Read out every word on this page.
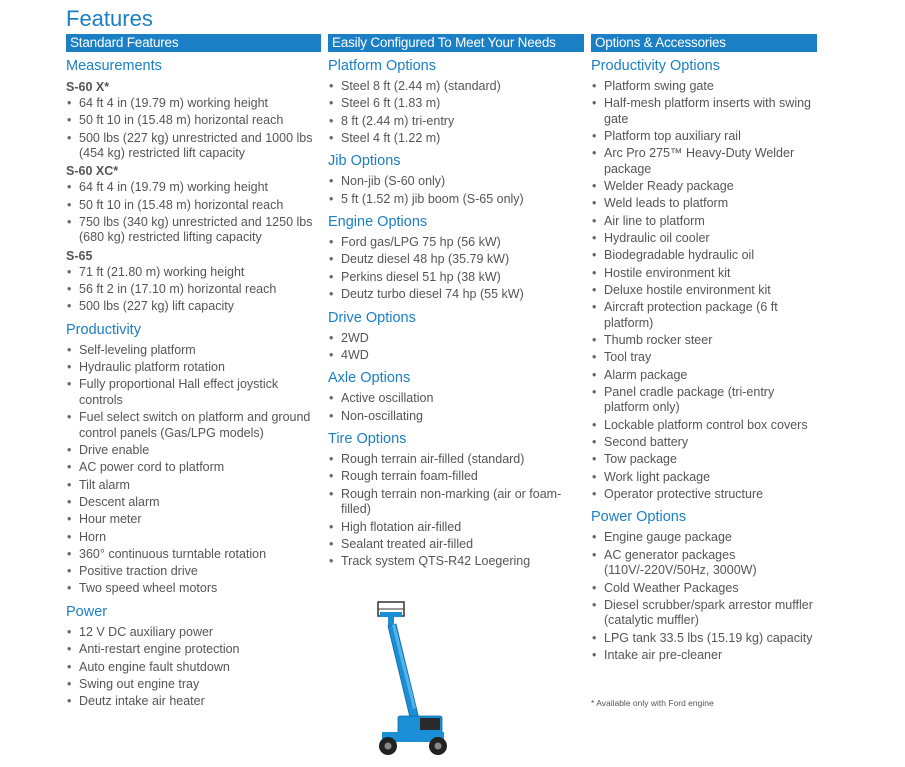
Features
Standard Features
Measurements
S-60 X*
• 64 ft 4 in (19.79 m) working height
• 50 ft 10 in (15.48 m) horizontal reach
• 500 lbs (227 kg) unrestricted and 1000 lbs (454 kg) restricted lift capacity
S-60 XC*
• 64 ft 4 in (19.79 m) working height
• 50 ft 10 in (15.48 m) horizontal reach
• 750 lbs (340 kg) unrestricted and 1250 lbs (680 kg) restricted lifting capacity
S-65
• 71 ft (21.80 m) working height
• 56 ft 2 in (17.10 m) horizontal reach
• 500 lbs (227 kg) lift capacity
Productivity
• Self-leveling platform
• Hydraulic platform rotation
• Fully proportional Hall effect joystick controls
• Fuel select switch on platform and ground control panels (Gas/LPG models)
• Drive enable
• AC power cord to platform
• Tilt alarm
• Descent alarm
• Hour meter
• Horn
• 360° continuous turntable rotation
• Positive traction drive
• Two speed wheel motors
Power
• 12 V DC auxiliary power
• Anti-restart engine protection
• Auto engine fault shutdown
• Swing out engine tray
• Deutz intake air heater
Easily Configured To Meet Your Needs
Platform Options
• Steel 8 ft (2.44 m) (standard)
• Steel 6 ft (1.83 m)
• 8 ft (2.44 m) tri-entry
• Steel 4 ft (1.22 m)
Jib Options
• Non-jib (S-60 only)
• 5 ft (1.52 m) jib boom (S-65 only)
Engine Options
• Ford gas/LPG 75 hp (56 kW)
• Deutz diesel 48 hp (35.79 kW)
• Perkins diesel 51 hp (38 kW)
• Deutz turbo diesel 74 hp (55 kW)
Drive Options
• 2WD
• 4WD
Axle Options
• Active oscillation
• Non-oscillating
Tire Options
• Rough terrain air-filled (standard)
• Rough terrain foam-filled
• Rough terrain non-marking (air or foam-filled)
• High flotation air-filled
• Sealant treated air-filled
• Track system QTS-R42 Loegering
Options & Accessories
Productivity Options
• Platform swing gate
• Half-mesh platform inserts with swing gate
• Platform top auxiliary rail
• Arc Pro 275™ Heavy-Duty Welder package
• Welder Ready package
• Weld leads to platform
• Air line to platform
• Hydraulic oil cooler
• Biodegradable hydraulic oil
• Hostile environment kit
• Deluxe hostile environment kit
• Aircraft protection package (6 ft platform)
• Thumb rocker steer
• Tool tray
• Alarm package
• Panel cradle package (tri-entry platform only)
• Lockable platform control box covers
• Second battery
• Tow package
• Work light package
• Operator protective structure
Power Options
• Engine gauge package
• AC generator packages (110V/-220V/50Hz, 3000W)
• Cold Weather Packages
• Diesel scrubber/spark arrestor muffler (catalytic muffler)
• LPG tank 33.5 lbs (15.19 kg) capacity
• Intake air pre-cleaner
* Available only with Ford engine
